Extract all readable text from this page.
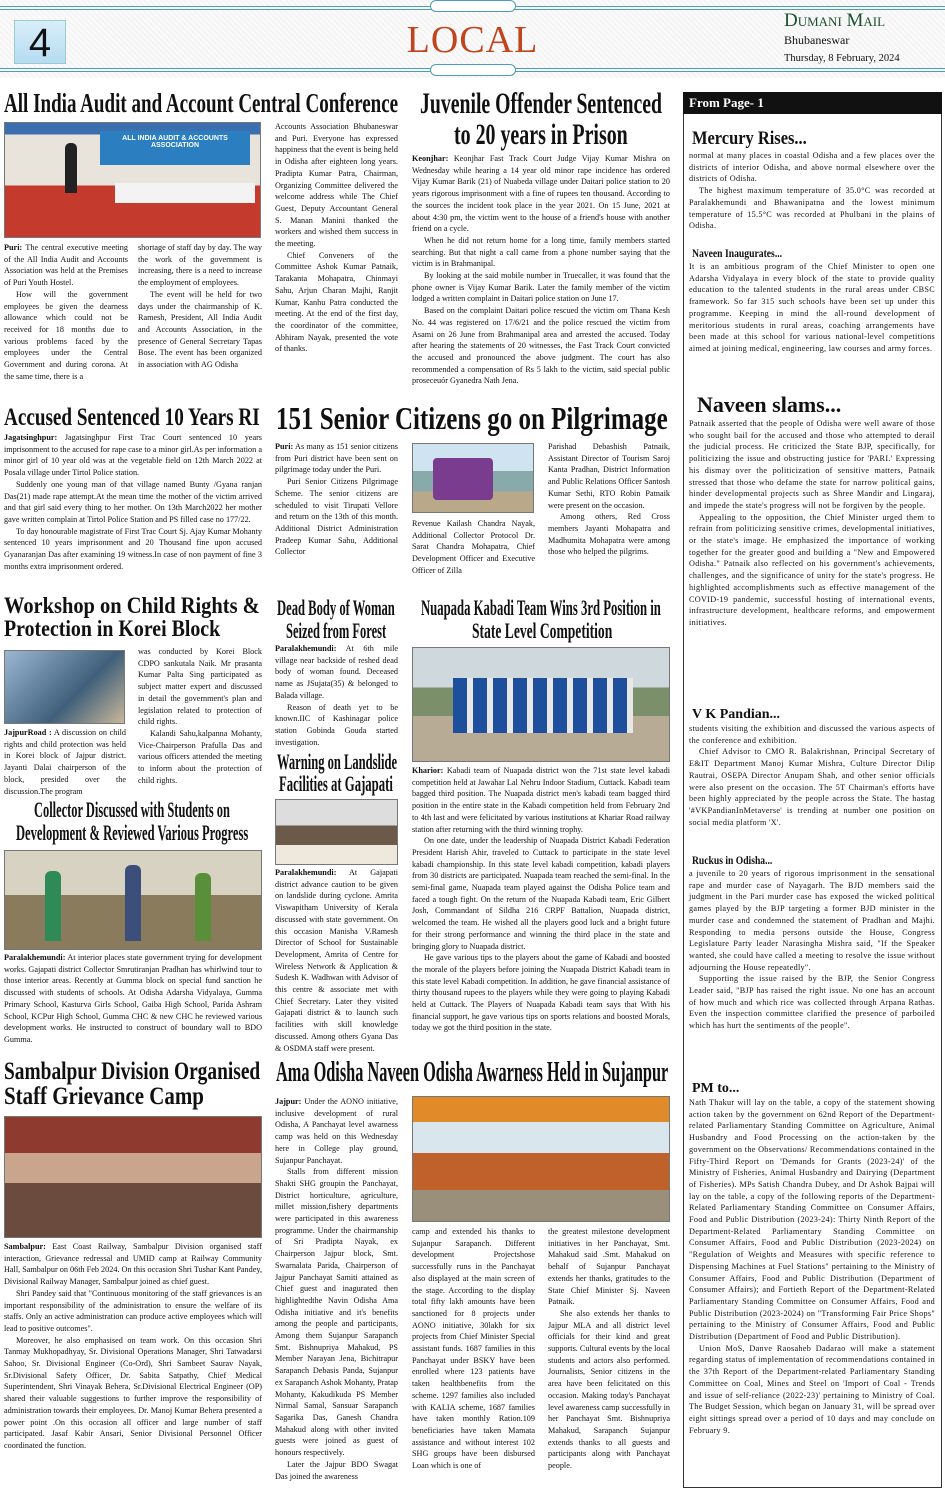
4	LOCAL	Dumani Mail
Bhubaneswar
Thursday, 8 February, 2024
All India Audit and Account Central Conference
ALL INDIA AUDIT & ACCOUNTS ASSOCIATION

Puri: The central executive meeting of the All India Audit and Accounts Association was held at the Premises of Puri Youth Hostel.

How will the government employees be given the dearness allowance which could not be received for 18 months due to various problems faced by the employees under the Central Government and during corona. At the same time, there is a

shortage of staff day by day. The way the work of the government is increasing, there is a need to increase the employment of employees.

The event will be held for two days under the chairmanship of K. Ramesh, President, All India Audit and Accounts Association, in the presence of General Secretary Tapas Bose. The event has been organized in association with AG Odisha

Accounts Association Bhubaneswar and Puri. Everyone has expressed happiness that the event is being held in Odisha after eighteen long years. Pradipta Kumar Patra, Chairman, Organizing Committee delivered the welcome address while The Chief Guest, Deputy Accountant General S. Manan Manini thanked the workers and wished them success in the meeting.

Chief Conveners of the Committee Ashok Kumar Patnaik, Tarakanta Mohapatra, Chinmayi Sahu, Arjun Charan Majhi, Ranjit Kumar, Kanhu Patra conducted the meeting. At the end of the first day, the coordinator of the committee, Abhiram Nayak, presented the vote of thanks.

Juvenile Offender Sentenced
to 20 years in Prison

Keonjhar: Keonjhar Fast Track Court Judge Vijay Kumar Mishra on Wednesday while hearing a 14 year old minor rape incidence has ordered Vijay Kumar Barik (21) of Nuabeda village under Daitari police station to 20 years rigorous imprisonment with a fine of rupees ten thousand. According to the sources the incident took place in the year 2021. On 15 June, 2021 at about 4:30 pm, the victim went to the house of a friend's house with another friend on a cycle.

When he did not return home for a long time, family members started searching. But that night a call came from a phone number saying that the victim is in Brahmanipal.

By looking at the said mobile number in Truecaller, it was found that the phone owner is Vijay Kumar Barik. Later the family member of the victim lodged a written complaint in Daitari police station on June 17.

Based on the complaint Daitari police rescued the victim om Thana Kesh No. 44 was registered on 17/6/21 and the police rescued the victim from Asami on 26 June from Brahmanipal area and arrested the accused. Today after hearing the statements of 20 witnesses, the Fast Track Court convicted the accused and pronounced the above judgment. The court has also recommended a compensation of Rs 5 lakh to the victim, said special public prosecеuór Gyanedra Nath Jena.

Accused Sentenced 10 Years RI

Jagatsinghpur: Jagatsinghpur First Trac Court sentenced 10 years imprisonment to the accused for rape case to a minor girl.As per information a minor girl of 10 year old was at the vegetable field on 12th March 2022 at Posala village under Tirtol Police station.

Suddenly one young man of that village named Bunty /Gyana ranjan Das(21) made rape attempt.At the mean time the mother of the victim arrived and that girl said every thing to her mother. On 13th March2022 her mother gave written complain at Tirtol Police Station and PS filled case no 177/22.

To day honourable magistrate of First Trac Court Sj. Ajay Kumar Mohanty sentenced 10 years imprisonment and 20 Thousand fine upon accused Gyanaranjan Das after examining 19 witness.In case of non payment of fine 3 months extra imprisonment ordered.

151 Senior Citizens go on Pilgrimage

Puri: As many as 151 senior citizens from Puri district have been sent on pilgrimage today under the Puri.

Puri Senior Citizens Pilgrimage Scheme. The senior citizens are scheduled to visit Tirupati Vellore and return on the 13th of this month. Additional District Administration Pradeep Kumar Sahu, Additional Collector

Revenue Kailash Chandra Nayak, Additional Collector Protocol Dr. Sarat Chandra Mohapatra, Chief Development Officer and Executive Officer of Zilla

Parishad Debashish Patnaik, Assistant Director of Tourism Saroj Kanta Pradhan, District Information and Public Relations Officer Santosh Kumar Sethi, RTO Robin Patnaik were present on the occasion.

Among others, Red Cross members Jayanti Mohapatra and Madhumita Mohapatra were among those who helped the pilgrims.

Workshop on Child Rights &
Protection in Korei Block

JajpurRoad : A discussion on child rights and child protection was held in Korei block of Jajpur district. Jayanti Dalai chairperson of the block, presided over the discussion.The program

was conducted by Korei Block CDPO sankutala Naik. Mr prasanta Kumar Palta Sing participated as subject matter expert and discussed in detail the government's plan and legislation related to protection of child rights.

Kalandi Sahu,kalpanna Mohanty, Vice-Chairperson Prafulla Das and various officers attended the meeting to inform about the protection of child rights.

Collector Discussed with Students on
Development & Reviewed Various Progress

Paralakhemundi: At interior places state government trying for development works. Gajapati district Collector Smrutiranjan Pradhan has whirlwind tour to those interior areas. Recently at Gumma block on special fund sanction he discussed with students of schools. At Odisha Adarsha Vidyalaya, Gumma Primary School, Kasturva Girls School, Gaiba High School, Parida Ashram School, KCPur High School, Gumma CHC & new CHC he reviewed various development works. He instructed to construct of boundary wall to BDO Gumma.

Dead Body of Woman
Seized from Forest

Paralakhemundi: At 6th mile village near backside of reshed dead body of woman found. Deceased name as JSujata(35) & belonged to Balada village.

Reason of death yet to be known.IIC of Kashinagar police station Gobinda Gouda started investigation.

Warning on Landslide
Facilities at Gajapati

Paralakhemundi: At Gajapati district advance caution to be given on landslide during cyclone. Amrita Viswapitham University of Kerala discussed with state government. On this occasion Manisha V.Ramesh Director of School for Sustainable Development, Amrita of Centre for Wireless Network & Application & Sudesh K. Wadhwan with Advisor of this centre & associate met with Chief Secretary. Later they visited Gajapati district & to launch such facilities with skill knowledge discussed. Among others Gyana Das & OSDMA staff were present.

Nuapada Kabadi Team Wins 3rd Position in
State Level Competition

Kharior: Kabadi team of Nuapada district won the 71st state level kabadi competition held at Jawahar Lal Nehru Indoor Stadium, Cuttack. Kabadi team bagged third position. The Nuapada district men's kabadi team bagged third position in the entire state in the Kabadi competition held from February 2nd to 4th last and were felicitated by various institutions at Khariar Road railway station after returning with the third winning trophy.

On one date, under the leadership of Nuapada District Kabadi Federation President Harish Ahir, traveled to Cuttack to participate in the state level kabadi championship. In this state level kabadi competition, kabadi players from 30 districts are participated. Nuapada team reached the semi-final. In the semi-final game, Nuapada team played against the Odisha Police team and faced a tough fight. On the return of the Nuapada Kabadi team, Eric Gilbert Josh, Commandant of Sildha 216 CRPF Battalion, Nuapada district, welcomed the team. He wished all the players good luck and a bright future for their strong performance and winning the third place in the state and bringing glory to Nuapada district.

He gave various tips to the players about the game of Kabadi and boosted the morale of the players before joining the Nuapada District Kabadi team in this state level Kabadi competition. In addition, he gave financial assistance of thirty thousand rupees to the players while they were going to playing Kabadi held at Cuttack. The Players of Nuapada Kabadi team says that With his financial support, he gave various tips on sports relations and boosted Morals, today we got the third position in the state.

Sambalpur Division Organised
Staff Grievance Camp

Sambalpur: East Coast Railway, Sambalpur Division organised staff interaction, Grievance redressal and UMID camp at Railway Community Hall, Sambalpur on 06th Feb 2024. On this occasion Shri Tushar Kant Pandey, Divisional Railway Manager, Sambalpur joined as chief guest.

Shri Pandey said that "Continuous monitoring of the staff grievances is an important responsibility of the administration to ensure the welfare of its staffs. Only an active administration can produce active employees which will lead to positive outcomes".

Moreover, he also emphasised on team work. On this occasion Shri Tanmay Mukhopadhyay, Sr. Divisional Operations Manager, Shri Tatwadarsi Sahoo, Sr. Divisional Engineer (Co-Ord), Shri Sambeet Saurav Nayak, Sr.Divisional Safety Officer, Dr. Sabita Satpathy, Chief Medical Superintendent, Shri Vinayak Behera, Sr.Divisional Electrical Engineer (OP) shared their valuable suggestions to further improve the responsibility of administration towards their employees. Dr. Manoj Kumar Behera presented a power point .On this occasion all officer and large number of staff participated. Jasaf Kabir Ansari, Senior Divisional Personnel Officer coordinated the function.

Ama Odisha Naveen Odisha Awarness Held in Sujanpur

Jajpur: Under the AONO initiative, inclusive development of rural Odisha, A Panchayat level awarness camp was held on this Wednesday here in College play ground, Sujanpur Panchayat.

Stalls from different mission Shakti SHG groupin the Panchayat, District horticulture, agriculture, millet mission,fishery departments were participated in this awareness programme. Under the chairmanship of Sri Pradipta Nayak, ex Chairperson Jajpur block, Smt. Swarnalata Parida, Chairperson of Jajpur Panchayat Samiti attained as Chief guest and inagurated then highlightedthe Navin Odisha Ama Odisha initiative and it's benefits among the people and participants, Among them Sujanpur Sarapanch Smt. Bishnupriya Mahakud, PS Member Narayan Jena, Bichitrapur Sarapanch Debasis Panda, Sujanpur ex Sarapanch Ashok Mohanty, Pratap Mohanty, Kakudikuda PS Member Nirmal Samal, Sansuar Sarapanch Sagarika Das, Ganesh Chandra Mahakud along with other invited guests were joined as guest of honours respectively.

Later the Jajpur BDO Swagat Das joined the awareness

camp and extended his thanks to Sujanpur Sarapanch. Different development Projectshose successfully runs in the Panchayat also displayed at the main screen of the stage. According to the display total fifty lakh amounts have been sanctioned for 8 projects under AONO initiative, 30lakh for six projects from Chief Minister Special assistant funds. 1687 families in this Panchayat under BSKY have been enrolled where 123 patients have taken healthbenefits from the scheme. 1297 families also included with KALIA scheme, 1687 families have taken monthly Ration.109 beneficiaries have taken Mamata assistance and without interest 102 SHG groups have been disbursed Loan which is one of

the greatest milestone development initiatives in her Panchayat, Smt. Mahakud said .Smt. Mahakud on behalf of Sujanpur Panchayat extends her thanks, gratitudes to the State Chief Minister Sj. Naveen Patnaik.

She also extends her thanks to Jajpur MLA and all district level officials for their kind and great supports. Cultural events by the local students and actors also performed. Journalists, Senior citizens in the area have been felicitated on this occasion. Making today's Panchayat level awareness camp successfully in her Panchayat Smt. Bishnupriya Mahakud, Sarapanch Sujanpur extends thanks to all guests and participants along with Panchayat people.

From Page- 1
Mercury Rises...

normal at many places in coastal Odisha and a few places over the districts of interior Odisha, and above normal elsewhere over the districts of Odisha.

The highest maximum temperature of 35.0°C was recorded at Paralakhemundi and Bhawanipatna and the lowest minimum temperature of 15.5°C was recorded at Phulbani in the plains of Odisha.

Naveen Inaugurates...

It is an ambitious program of the Chief Minister to open one Adarsha Vidyalaya in every block of the state to provide quality education to the talented students in the rural areas under CBSC framework. So far 315 such schools have been set up under this programme. Keeping in mind the all-round development of meritorious students in rural areas, coaching arrangements have been made at this school for various national-level competitions aimed at joining medical, engineering, law courses and army forces.

Naveen slams...

Patnaik asserted that the people of Odisha were well aware of those who sought bail for the accused and those who attempted to derail the judicial process. He criticized the State BJP, specifically, for politicizing the issue and obstructing justice for 'PARI.' Expressing his dismay over the politicization of sensitive matters, Patnaik stressed that those who defame the state for narrow political gains, hinder developmental projects such as Shree Mandir and Lingaraj, and impede the state's progress will not be forgiven by the people.

Appealing to the opposition, the Chief Minister urged them to refrain from politicizing sensitive crimes, developmental initiatives, or the state's image. He emphasized the importance of working together for the greater good and building a "New and Empowered Odisha." Patnaik also reflected on his government's achievements, challenges, and the significance of unity for the state's progress. He highlighted accomplishments such as effective management of the COVID-19 pandemic, successful hosting of international events, infrastructure development, healthcare reforms, and empowerment initiatives.

V K Pandian...

students visiting the exhibition and discussed the various aspects of the conference and exhibition.

Chief Advisor to CMO R. Balakrishnan, Principal Secretary of E&IT Department Manoj Kumar Mishra, Culture Director Dilip Rautrai, OSEPA Director Anupam Shah, and other senior officials were also present on the occasion. The 5T Chairman's efforts have been highly appreciated by the people across the State. The hastag '#VKPandianInMetaverse' is trending at number one position on social media platform 'X'.

Ruckus in Odisha...

a juvenile to 20 years of rigorous imprisonment in the sensational rape and murder case of Nayagarh. The BJD members said the judgment in the Pari murder case has exposed the wicked political games played by the BJP targeting a former BJD minister in the murder case and condemned the statement of Pradhan and Majhi. Responding to media persons outside the House, Congress Legislature Party leader Narasingha Mishra said, "If the Speaker wanted, she could have called a meeting to resolve the issue without adjourning the House repeatedly".

Supporting the issue raised by the BJP, the Senior Congress Leader said, "BJP has raised the right issue. No one has an account of how much and which rice was collected through Arpana Rathas. Even the inspection committee clarified the presence of parboiled which has hurt the sentiments of the people".

PM to...

Nath Thakur will lay on the table, a copy of the statement showing action taken by the government on 62nd Report of the Department-related Parliamentary Standing Committee on Agriculture, Animal Husbandry and Food Processing on the action-taken by the government on the Observations/ Recommendations contained in the Fifty-Third Report on 'Demands for Grants (2023-24)' of the Ministry of Fisheries, Animal Husbandry and Dairying (Department of Fisheries). MPs Satish Chandra Dubey, and Dr Ashok Bajpai will lay on the table, a copy of the following reports of the Department-Related Parliamentary Standing Committee on Consumer Affairs, Food and Public Distribution (2023-24): Thirty Ninth Report of the Department-Related Parliamentary Standing Committee on Consumer Affairs, Food and Public Distribution (2023-2024) on "Regulation of Weights and Measures with specific reference to Dispensing Machines at Fuel Stations" pertaining to the Ministry of Consumer Affairs, Food and Public Distribution (Department of Consumer Affairs); and Fortieth Report of the Department-Related Parliamentary Standing Committee on Consumer Affairs, Food and Public Distribution (2023-2024) on "Transforming Fair Price Shops" pertaining to the Ministry of Consumer Affairs, Food and Public Distribution (Department of Food and Public Distribution).

Union MoS, Danve Raosaheb Dadarao will make a statement regarding status of implementation of recommendations contained in the 37th Report of the Department-related Parliamentary Standing Committee on Coal, Mines and Steel on 'Import of Coal - Trends and issue of self-reliance (2022-23)' pertaining to Ministry of Coal. The Budget Session, which began on January 31, will be spread over eight sittings spread over a period of 10 days and may conclude on February 9.
